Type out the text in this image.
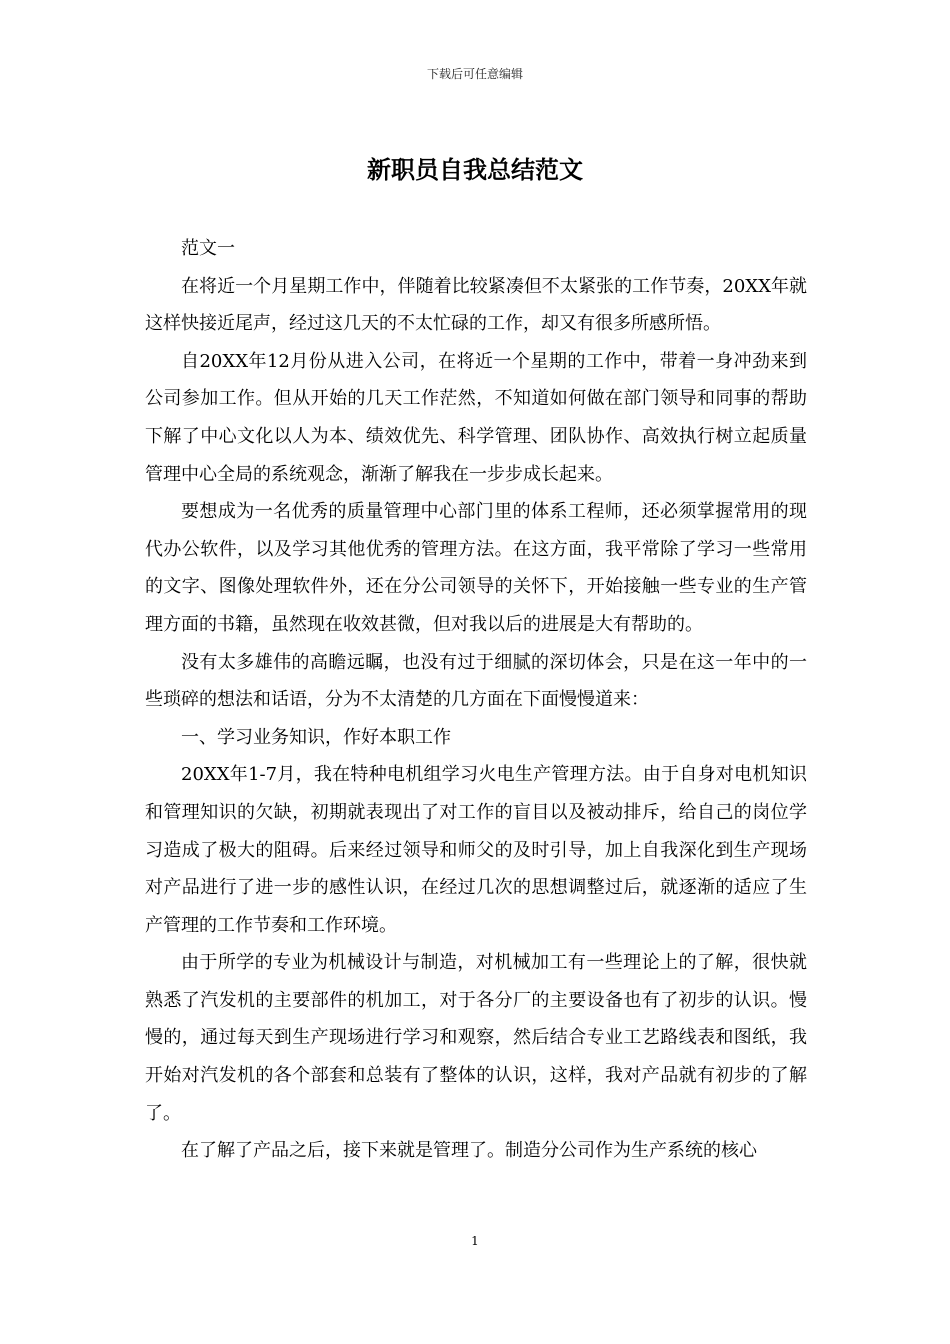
下载后可任意编辑
新职员自我总结范文

范文一

在将近一个月星期工作中，伴随着比较紧凑但不太紧张的工作节奏，20XX年就这样快接近尾声，经过这几天的不太忙碌的工作，却又有很多所感所悟。

自20XX年12月份从进入公司，在将近一个星期的工作中，带着一身冲劲来到公司参加工作。但从开始的几天工作茫然，不知道如何做在部门领导和同事的帮助下解了中心文化以人为本、绩效优先、科学管理、团队协作、高效执行树立起质量管理中心全局的系统观念，渐渐了解我在一步步成长起来。

要想成为一名优秀的质量管理中心部门里的体系工程师，还必须掌握常用的现代办公软件，以及学习其他优秀的管理方法。在这方面，我平常除了学习一些常用的文字、图像处理软件外，还在分公司领导的关怀下，开始接触一些专业的生产管理方面的书籍，虽然现在收效甚微，但对我以后的进展是大有帮助的。

没有太多雄伟的高瞻远瞩，也没有过于细腻的深切体会，只是在这一年中的一些琐碎的想法和话语，分为不太清楚的几方面在下面慢慢道来：

一、学习业务知识，作好本职工作

20XX年1-7月，我在特种电机组学习火电生产管理方法。由于自身对电机知识和管理知识的欠缺，初期就表现出了对工作的盲目以及被动排斥，给自己的岗位学习造成了极大的阻碍。后来经过领导和师父的及时引导，加上自我深化到生产现场对产品进行了进一步的感性认识，在经过几次的思想调整过后，就逐渐的适应了生产管理的工作节奏和工作环境。

由于所学的专业为机械设计与制造，对机械加工有一些理论上的了解，很快就熟悉了汽发机的主要部件的机加工，对于各分厂的主要设备也有了初步的认识。慢慢的，通过每天到生产现场进行学习和观察，然后结合专业工艺路线表和图纸，我开始对汽发机的各个部套和总装有了整体的认识，这样，我对产品就有初步的了解了。

在了解了产品之后，接下来就是管理了。制造分公司作为生产系统的核心

1
